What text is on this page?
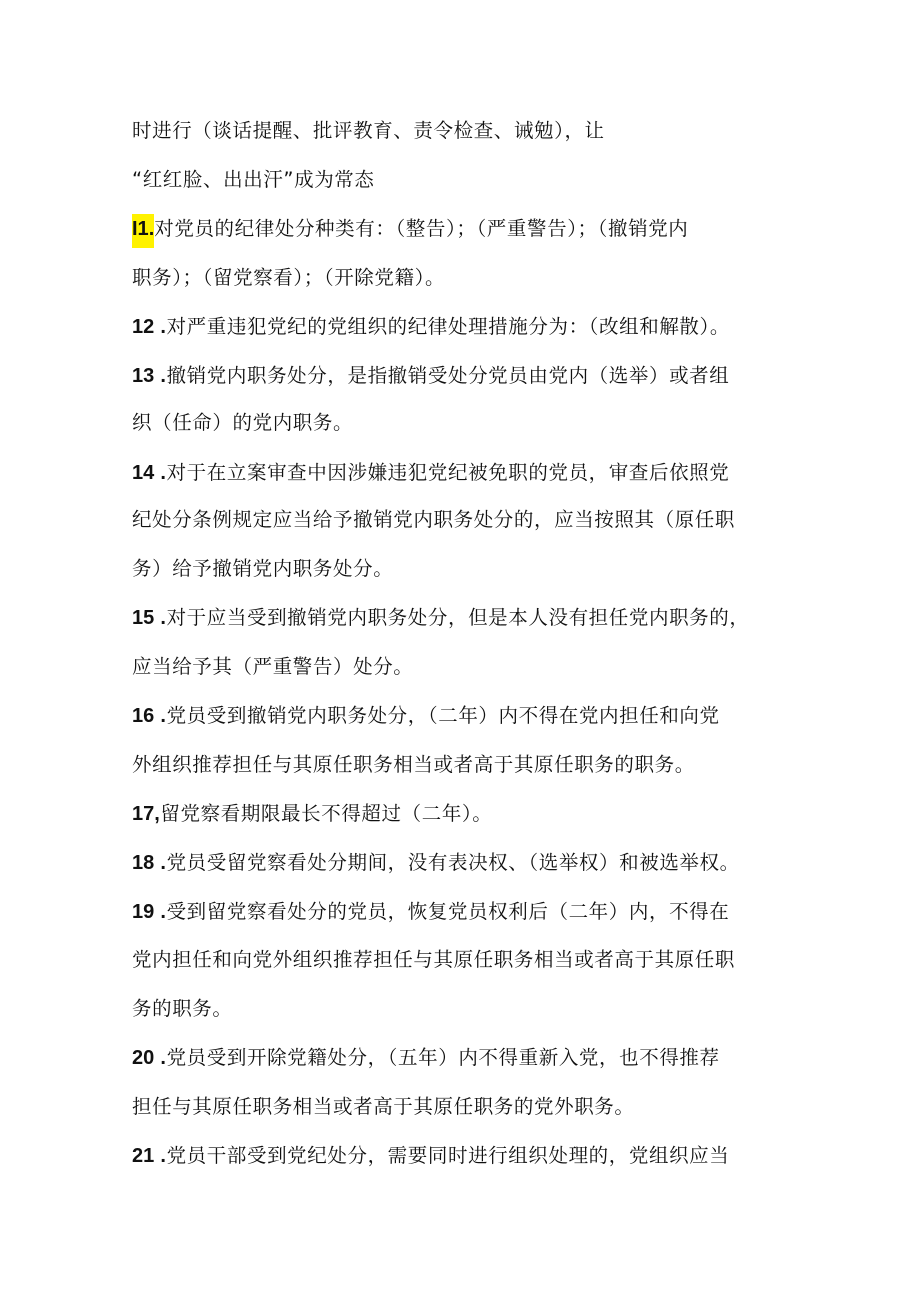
时进行（谈话提醒、批评教育、责令检查、诫勉），让
“红红脸、出出汗”成为常态
I1.对党员的纪律处分种类有：（整告）；（严重警告）；（撤销党内
职务）；（留党察看）；（开除党籍）。
12 .对严重违犯党纪的党组织的纪律处理措施分为：（改组和解散）。
13 .撤销党内职务处分，是指撤销受处分党员由党内（选举）或者组
织（任命）的党内职务。
14 .对于在立案审查中因涉嫌违犯党纪被免职的党员，审查后依照党
纪处分条例规定应当给予撤销党内职务处分的，应当按照其（原任职
务）给予撤销党内职务处分。
15 .对于应当受到撤销党内职务处分，但是本人没有担任党内职务的，
应当给予其（严重警告）处分。
16 .党员受到撤销党内职务处分，（二年）内不得在党内担任和向党
外组织推荐担任与其原任职务相当或者高于其原任职务的职务。
17,留党察看期限最长不得超过（二年）。
18 .党员受留党察看处分期间，没有表决权、（选举权）和被选举权。
19 .受到留党察看处分的党员，恢复党员权利后（二年）内，不得在
党内担任和向党外组织推荐担任与其原任职务相当或者高于其原任职
务的职务。
20 .党员受到开除党籍处分，（五年）内不得重新入党，也不得推荐
担任与其原任职务相当或者高于其原任职务的党外职务。
21 .党员干部受到党纪处分，需要同时进行组织处理的，党组织应当
